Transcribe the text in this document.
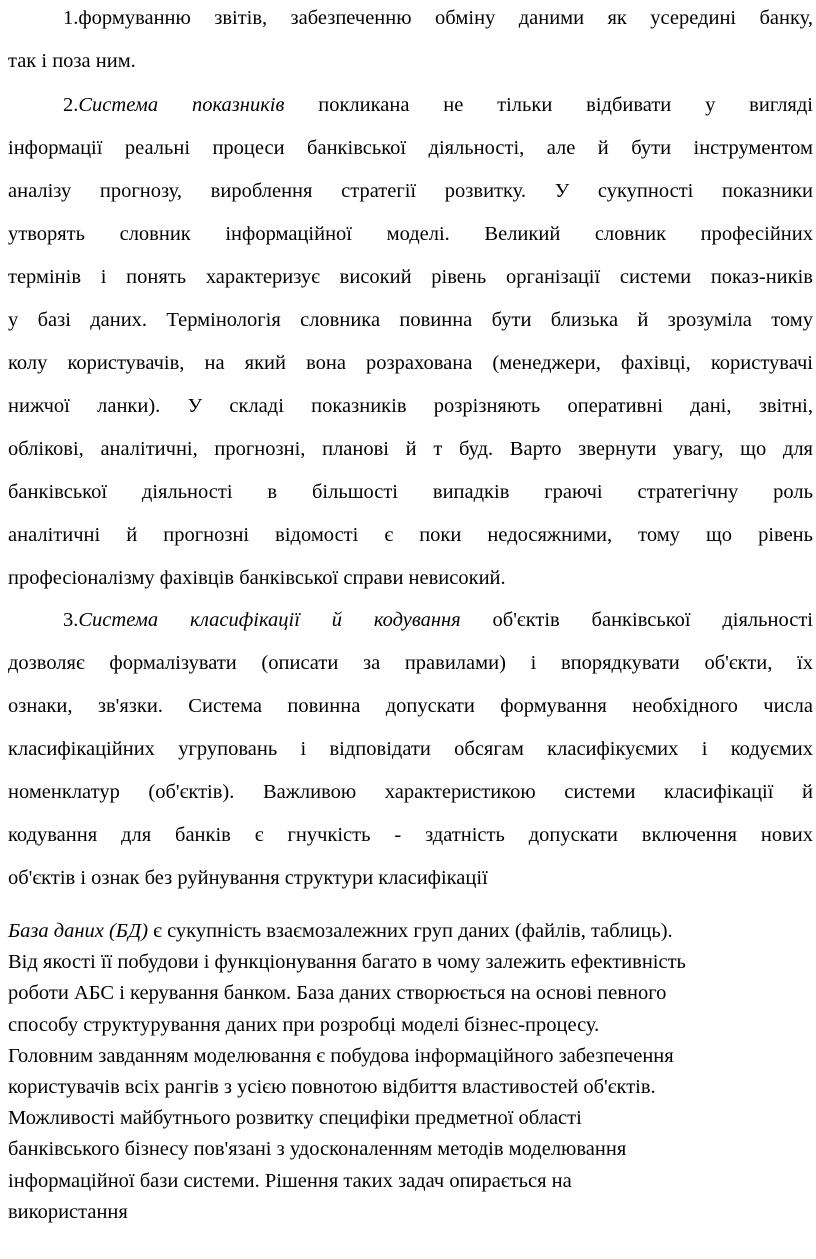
1.формуванню звітів, забезпеченню обміну даними як усередині банку,
так і поза ним.
2.Система показників покликана не тільки відбивати у вигляді
інформації реальні процеси банківської діяльності, але й бути інструментом
аналізу прогнозу, вироблення стратегії розвитку. У сукупності показники
утворять словник інформаційної моделі. Великий словник професійних
термінів і понять характеризує високий рівень організації системи показ-ників
у базі даних. Термінологія словника повинна бути близька й зрозуміла тому
колу користувачів, на який вона розрахована (менеджери, фахівці, користувачі
нижчої ланки). У складі показників розрізняють оперативні дані, звітні,
облікові, аналітичні, прогнозні, планові й т буд. Варто звернути увагу, що для
банківської діяльності в більшості випадків граючі стратегічну роль
аналітичні й прогнозні відомості є поки недосяжними, тому що рівень
професіоналізму фахівців банківської справи невисокий.
3.Система класифікації й кодування об'єктів банківської діяльності
дозволяє формалізувати (описати за правилами) і впорядкувати об'єкти, їх
ознаки, зв'язки. Система повинна допускати формування необхідного числа
класифікаційних угруповань і відповідати обсягам класифікуємих і кодуємих
номенклатур (об'єктів). Важливою характеристикою системи класифікації й
кодування для банків є гнучкість - здатність допускати включення нових
об'єктів і ознак без руйнування структури класифікації
База даних (БД) є сукупність взаємозалежних груп даних (файлів, таблиць).
Від якості її побудови і функціонування багато в чому залежить ефективність
роботи АБС і керування банком. База даних створюється на основі певного
способу структурування даних при розробці моделі бізнес-процесу.
Головним завданням моделювання є побудова інформаційного забезпечення
користувачів всіх рангів з усією повнотою відбиття властивостей об'єктів.
Можливості майбутнього розвитку специфіки предметної області
банківського бізнесу пов'язані з удосконаленням методів моделювання
інформаційної бази системи. Рішення таких задач опирається на
використання
